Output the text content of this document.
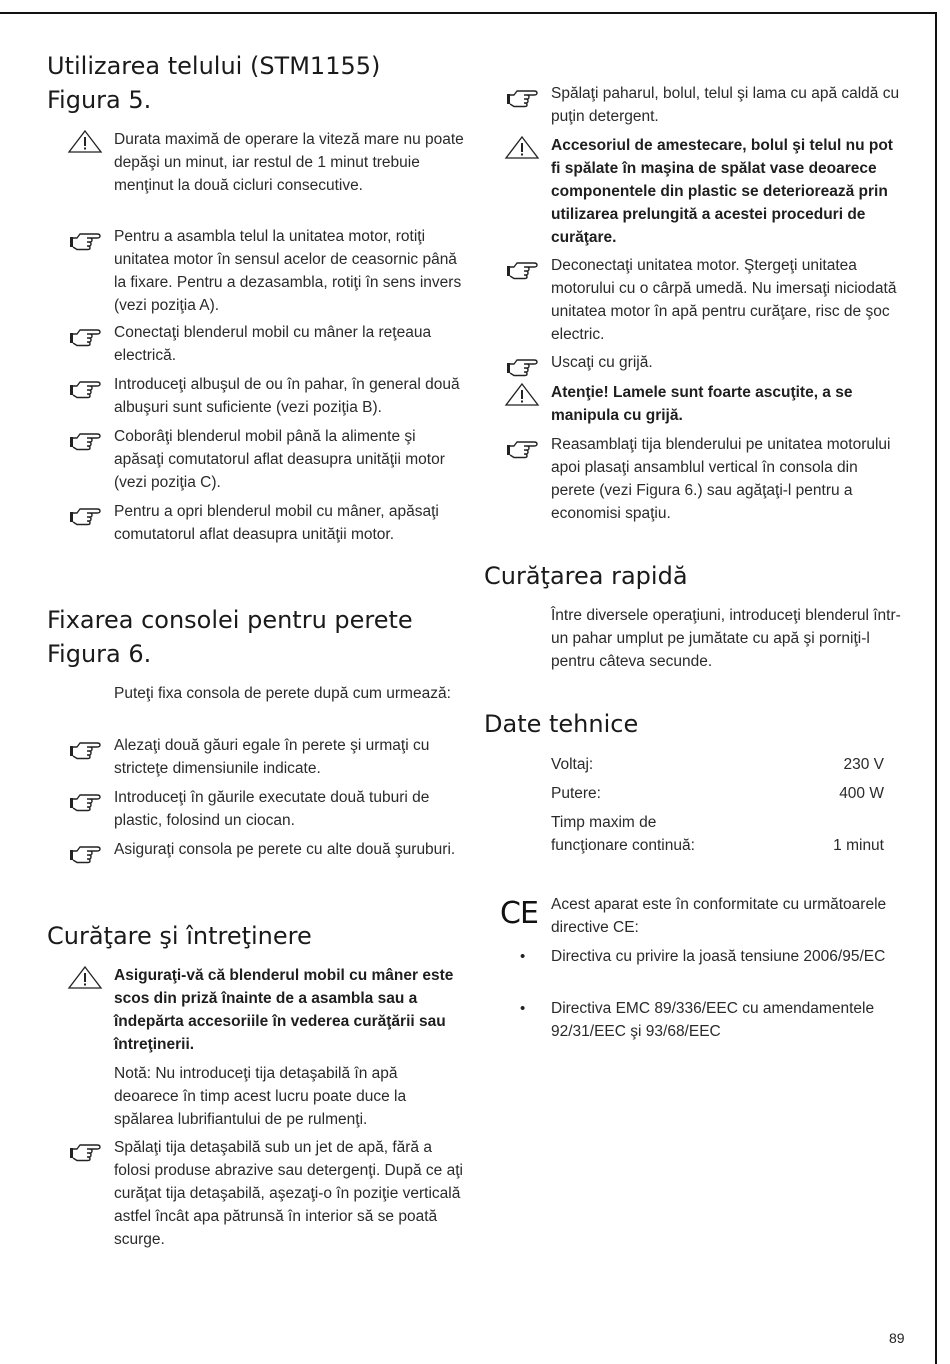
Utilizarea telului (STM1155)
Figura 5.
Durata maximă de operare la viteză mare nu poate depăşi un minut, iar restul de 1 minut trebuie menţinut la două cicluri consecutive.
Pentru a asambla telul la unitatea motor, rotiţi unitatea motor în sensul acelor de ceasornic până la fixare. Pentru a dezasambla, rotiţi în sens invers (vezi poziţia A).
Conectaţi blenderul mobil cu mâner la reţeaua electrică.
Introduceţi albuşul de ou în pahar, în general două albuşuri sunt suficiente (vezi poziţia B).
Coborâţi blenderul mobil până la alimente şi apăsaţi comutatorul aflat deasupra unităţii motor (vezi poziţia C).
Pentru a opri blenderul mobil cu mâner, apăsaţi comutatorul aflat deasupra unităţii motor.
Fixarea consolei pentru perete
Figura 6.
Puteţi fixa consola de perete după cum urmează:
Alezaţi două găuri egale în perete şi urmaţi cu stricteţe dimensiunile indicate.
Introduceţi în găurile executate două tuburi de plastic, folosind un ciocan.
Asiguraţi consola pe perete cu alte două şuruburi.
Curăţare şi întreţinere
Asiguraţi-vă că blenderul mobil cu mâner este scos din priză înainte de a asambla sau a îndepărta accesoriile în vederea curăţării sau întreţinerii.
Notă: Nu introduceţi tija detaşabilă în apă deoarece în timp acest lucru poate duce la spălarea lubrifiantului de pe rulmenţi.
Spălaţi tija detaşabilă sub un jet de apă, fără a folosi produse abrazive sau detergenţi. După ce aţi curăţat tija detaşabilă, aşezaţi-o în poziţie verticală astfel încât apa pătrunsă în interior să se poată scurge.
Spălaţi paharul, bolul, telul şi lama cu apă caldă cu puţin detergent.
Accesoriul de amestecare, bolul şi telul nu pot fi spălate în maşina de spălat vase deoarece componentele din plastic se deteriorează prin utilizarea prelungită a acestei proceduri de curăţare.
Deconectaţi unitatea motor. Ştergeţi unitatea motorului cu o cârpă umedă. Nu imersaţi niciodată unitatea motor în apă pentru curăţare, risc de şoc electric.
Uscaţi cu grijă.
Atenţie! Lamele sunt foarte ascuţite, a se manipula cu grijă.
Reasamblaţi tija blenderului pe unitatea motorului apoi plasaţi ansamblul vertical în consola din perete (vezi Figura 6.) sau agăţaţi-l pentru a economisi spaţiu.
Curăţarea rapidă
Între diversele operaţiuni, introduceţi blenderul într-un pahar umplut pe jumătate cu apă şi porniţi-l pentru câteva secunde.
Date tehnice
Voltaj:	230 V
Putere:	400 W
Timp maxim de
funcţionare continuă:	1 minut
CE Acest aparat este în conformitate cu următoarele directive CE:
• Directiva cu privire la joasă tensiune 2006/95/EC
• Directiva EMC 89/336/EEC cu amendamentele 92/31/EEC şi 93/68/EEC
89
